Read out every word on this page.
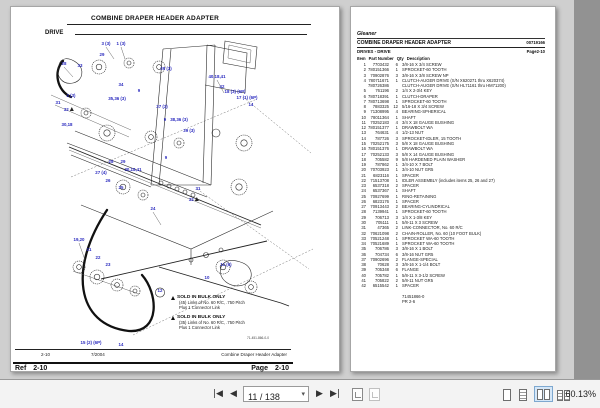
COMBINE DRAPER HEADER ADAPTER
DRIVE
3 (3) 1 (3)
29
28	33
39 (3)
40,18,41
34
9
42
18 (3) (6P)
17 (1) (6P)
14
2 (3)
31
32
35,36 (3)
37 (3)
30,18
9 38,36 (3)
39 (3)
9
28 29
30,18,41
27 (4)
26
25	31
32
24
19,20
21
22
23	11 (6)
10
12
15 (2) (6P)	14
SOLD IN BULK ONLY
(45) Links of No. 60 R/C, .750 Pitch
Plus 1 Connector Link
SOLD IN BULK ONLY
(35) Links of No. 60 R/C, .750 Pitch
Plus 1 Connector Link
71-451-866-0-0
2-10	7/2004	Combine Draper Header Adapter
Ref 2-10	Page 2-10
Gleaner
COMBINE DRAPER HEADER ADAPTER	00719166
DRIVES - DRIVE	Page2-10
Item Part Number Qty Description
1	7703432	6 3/8-16 X 3/4 SCREW
2 780151366	1 SPROCKET-60 TOOTH
3	70902876	3 3/8-16 X 3/8 SCREW NP
4 780711671	1 CLUTCH-AUGER DRIVE (S/N X620271 thru X620374)
780726386	CLUTCH-AUGER DRIVE (S/N HL71161 thru HM71200)
5	761196	2 1/4 X 2-3/4 KEY
6 780718391	1 CLUTCH-DRAPER
7 780713698	1 SPROCKET-60 TOOTH
8	7883325	12 5/16-18 X 3/4 SCREW
9	71308995	4 BEARING-SPHERICAL
10	78011364	1 SHAFT
11	70252183	4 3/4 X 18 GAUGE BUSHING
12 780151377	1 DRAWBOLT WA
13	764631	4 1/2-13 NUT
14	787726	3 SPROCKET-IDLER, 15 TOOTH
15	70252175	3 5/8 X 18 GAUGE BUSHING
16 780151376	1 DRAWBOLT WA
17	70252133	3 5/8 X 14 GAUGE BUSHING
18	705582	9 5/8 HARDENED PLAIN WASHER
19	787862	1 3/4-10 X 7 BOLT
20	70703923	1 3/4-10 NUT GR5
21	6823116	1 SPACER
22	71513708	1 IDLER ASSEMBLY (includes items 25, 26 and 27)
23	6537318	2 SPACER
24	6537367	1 SHAFT
25	70927699	1 RING-RETAINING
26	6823176	1 SPACER
27	70913443	2 BEARING-CYLINDRICAL
28	7139941	1 SPROCKET-60 TOOTH
29	706713	3 1/4 X 1-3/8 KEY
30	705111	1 5/8-11 X 3 SCREW
31	47365	2 LINK-CONNECTOR, No. 60 R/C
32	70621098	2 CHAIN-ROLLER, No. 60 (10 FOOT BULK)
33	70521248	1 SPROCKET WA-60 TOOTH
34	70521689	1 SPROCKET WA-60 TOOTH
35	706786	3 3/8-16 X 1 BOLT
36	704734	6 3/8-16 NUT GR5
37	70902696	2 FLANGE-SPECIAL
38	70628	3 3/8-16 X 1-1/4 BOLT
39	705348	6 FLANGE
40	705782	1 5/8-11 X 3-1/2 SCREW
41	705822	2 5/8-11 NUT GR5
42	6515542	1 SPACER
71451866-0
PR 2-6
|◀ ◀
11 / 138	▾ ▶ ▶|	60.13%
